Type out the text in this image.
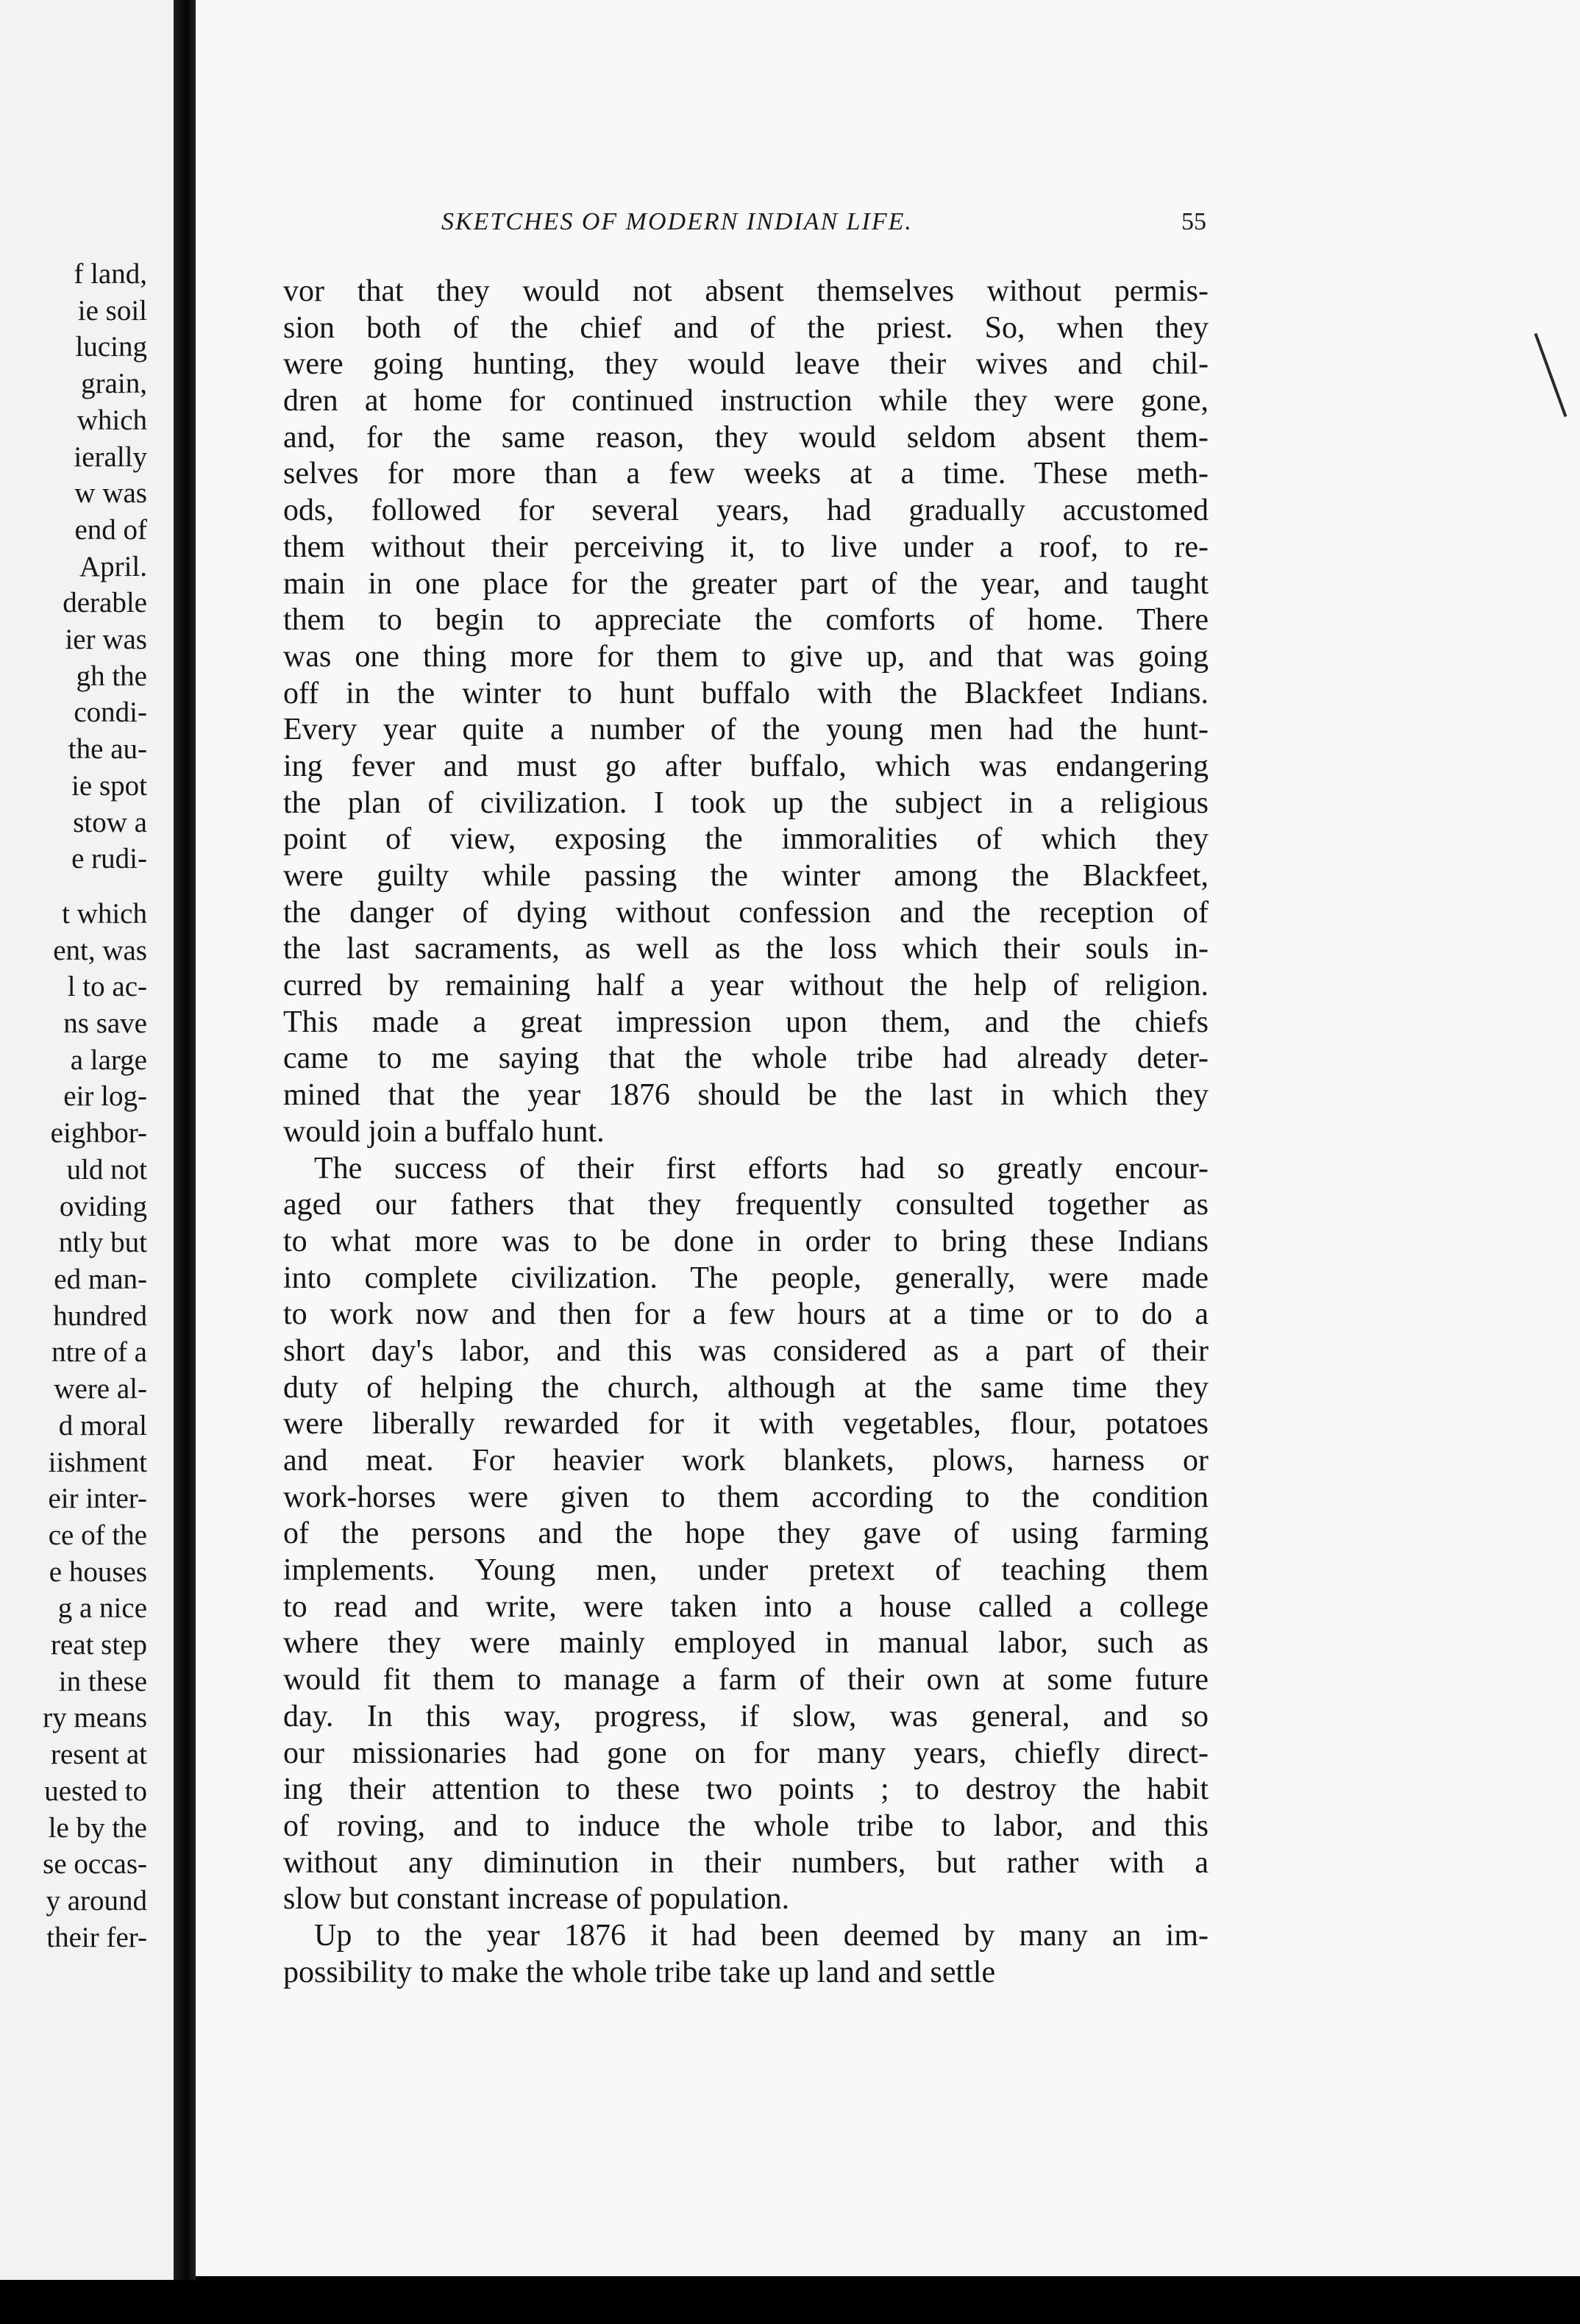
f land,
ie soil
lucing
grain,
which
ierally
w was
end of
April.
derable
ier was
gh the
condi-
the au-
ie spot
stow a
e rudi-
t which
ent, was
l to ac-
ns save
a large
eir log-
eighbor-
uld not
oviding
ntly but
ed man-
hundred
ntre of a
were al-
d moral
iishment
eir inter-
ce of the
e houses
g a nice
reat step
in these
ry means
resent at
uested to
le by the
se occas-
y around
their fer-
SKETCHES OF MODERN INDIAN LIFE.	55
vor that they would not absent themselves without permis-
sion both of the chief and of the priest. So, when they
were going hunting, they would leave their wives and chil-
dren at home for continued instruction while they were gone,
and, for the same reason, they would seldom absent them-
selves for more than a few weeks at a time. These meth-
ods, followed for several years, had gradually accustomed
them without their perceiving it, to live under a roof, to re-
main in one place for the greater part of the year, and taught
them to begin to appreciate the comforts of home. There
was one thing more for them to give up, and that was going
off in the winter to hunt buffalo with the Blackfeet Indians.
Every year quite a number of the young men had the hunt-
ing fever and must go after buffalo, which was endangering
the plan of civilization. I took up the subject in a religious
point of view, exposing the immoralities of which they
were guilty while passing the winter among the Blackfeet,
the danger of dying without confession and the reception of
the last sacraments, as well as the loss which their souls in-
curred by remaining half a year without the help of religion.
This made a great impression upon them, and the chiefs
came to me saying that the whole tribe had already deter-
mined that the year 1876 should be the last in which they
would join a buffalo hunt.
The success of their first efforts had so greatly encour-
aged our fathers that they frequently consulted together as
to what more was to be done in order to bring these Indians
into complete civilization. The people, generally, were made
to work now and then for a few hours at a time or to do a
short day's labor, and this was considered as a part of their
duty of helping the church, although at the same time they
were liberally rewarded for it with vegetables, flour, potatoes
and meat. For heavier work blankets, plows, harness or
work-horses were given to them according to the condition
of the persons and the hope they gave of using farming
implements. Young men, under pretext of teaching them
to read and write, were taken into a house called a college
where they were mainly employed in manual labor, such as
would fit them to manage a farm of their own at some future
day. In this way, progress, if slow, was general, and so
our missionaries had gone on for many years, chiefly direct-
ing their attention to these two points ; to destroy the habit
of roving, and to induce the whole tribe to labor, and this
without any diminution in their numbers, but rather with a
slow but constant increase of population.
Up to the year 1876 it had been deemed by many an im-
possibility to make the whole tribe take up land and settle
